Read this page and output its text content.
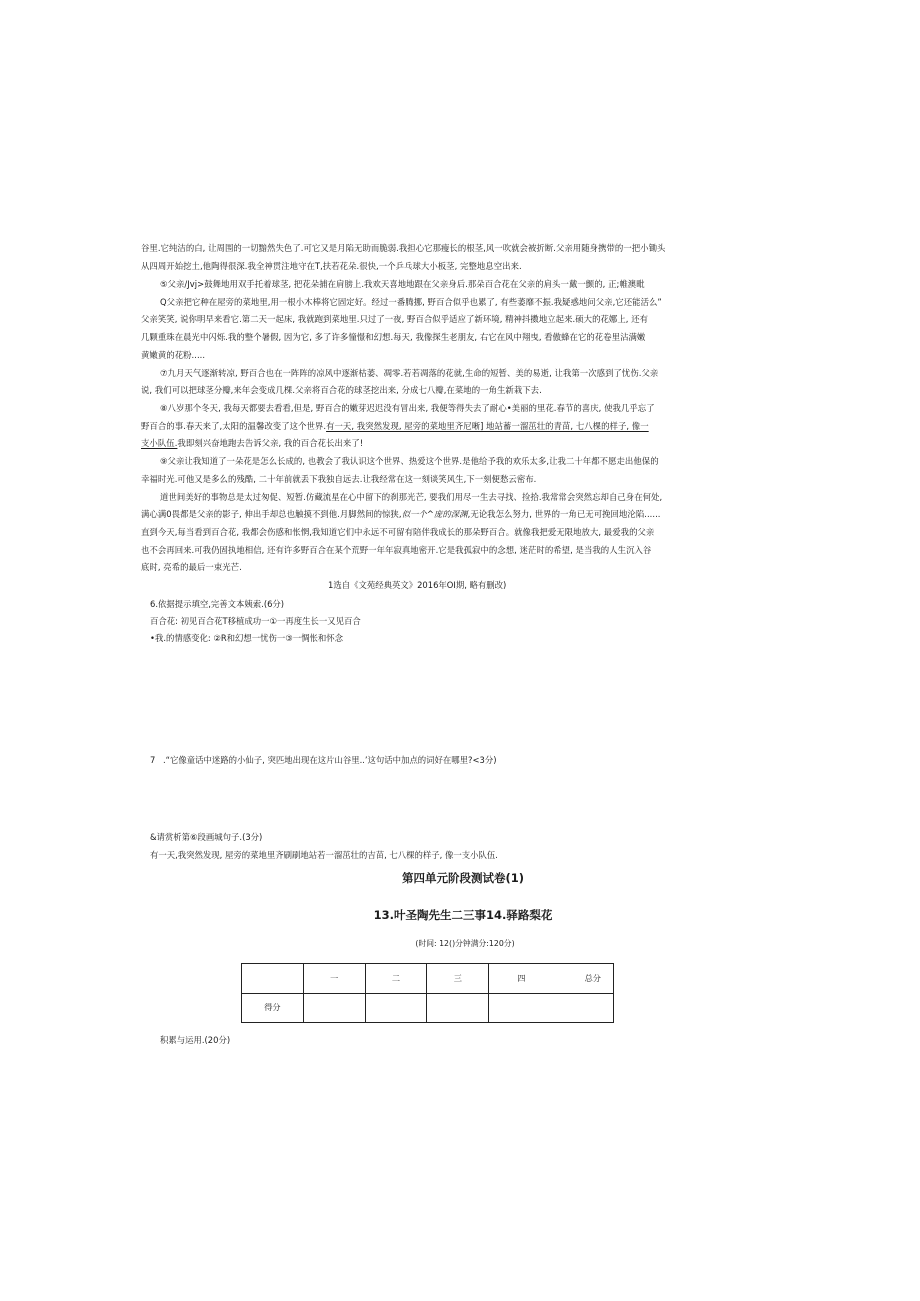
谷里.它纯洁的白, 让周围的一切黯然失色了.可它又是月陷无助而脆弱.我担心它那瘦长的根茎,风一吹就会被折断.父亲用随身携带的一把小锄头
从四周开始挖土,他陶得很深.我全神贯注地守在T,扶若花朵.很快,一个乒乓球大小板茎, 完整地息空出来.
⑤父亲/Jvj>鼓舞地用双手托着球茎, 把花朵捕在肩膀上.我欢天喜地地跟在父亲身后.那朵百合花在父亲的肩头一戴一颤的, 正;帷澳毗
Q父亲把它种在屋旁的菜地里,用一根小木棒将它固定好。经过一番腾挪, 野百合似乎也累了, 有些萎靡不振.我疑惑地问父亲,它还能活么”
父亲笑笑, 说你明早来看它.第二天一起床, 我就跑到菜地里.只过了一夜, 野百合似乎适应了新环境, 精神抖擞地立起来.硕大的花娜上, 还有
几颗重珠在晨光中闪烁.我的整个暑假, 因为它, 多了许多憧憬和幻想.每天, 我像探生老朋友, 右它在风中翔曳, 看傲蜂在它的花卷里沾满嫩
黄嫩黄的花粉.....
⑦九月天气逐渐转凉, 野百合也在一阵阵的凉风中逐渐枯萎、凋零.若若凋落的花就,生命的短暂、美的易逝, 让我第一次感到了忧伤.父亲
说, 我们可以把球茎分瓣,来年会变成几棵.父亲将百合花的球茎挖出来, 分成七八瓣,在菜地的一角生新栽下去.
⑧八岁那个冬天, 我每天都要去看看,但是, 野百合的嫩芽迟迟没有冒出来, 我便等得失去了耐心•美丽的里花.春节的喜庆, 使我几乎忘了
野百合的事.春天来了,太阳的温馨改变了这个世界.有一天, 我突然发现, 屋旁的菜地里齐尼晰] 地站蓄一溜茁壮的青苗, 七八棵的样子, 像一
支小队伍.我即刻兴奋地跑去告诉父亲, 我的百合花长出来了!
⑨父亲让我知道了一朵花是怎么长成的, 也教会了我认识这个世界、热爱这个世界.是他给予我的欢乐太多,让我二十年都不愿走出他保的
幸福时光.可他又是多么的残酷, 二十年前就丢下我独自远去.让我经常在这一刻谈笑风生,下一刻便愁云密布.
道世间美好的事物总是太过匆促、短暂.仿藏流星在心中留下的刹那光芒, 要我们用尽一生去寻找、捡拾.我常常会突然忘却自己身在何处,
满心满0畏都是父亲的影子, 伸出手却总也触摸不到他.月脚然间的惊狭,似一个^庞的深渊,无论我怎么努力, 世界的一角已无可挽回地沦陷......
直到今天,每当看到百合花, 我都会伤感和怅惘,我知道它们中永远不可留有陪伴我成长的那朵野百合。就像我把爱无限地放大, 最爱我的父亲
也不会再回来.可我仍固执地相信, 还有许多野百合在某个荒野一年年寂真地密开.它是我孤寂中的念想, 迷茫时的希望, 是当我的人生沉入谷
底时, 亮希的最后一束光芒.
1选自《文苑经典英文》2016年OI期, 略有删改)
6.依据提示填空,完善文本姨索.(6分)
百合花: 初见百合花T移植成功一①一再度生长一又见百合
•我.的情感变化: ②R和幻想一忧伤一③一惆怅和怀念
7 .“它像童话中迷路的小仙子, 突匹地出现在这片山谷里..’这句话中加点的词好在哪里?<3分)
&请赏析第⑥段画城句子.(3分)
有一天,我突然发现, 屋旁的菜地里齐刷刷地站若一溜茁壮的吉苗, 七八棵的样子, 像一支小队伍.
第四单元阶段测试卷(1)
13.叶圣陶先生二三事14.驿路梨花
(时间: 12()分钟满分:120分)
	一	二	三	四 总分
得分				
积累与运用.(20分)
